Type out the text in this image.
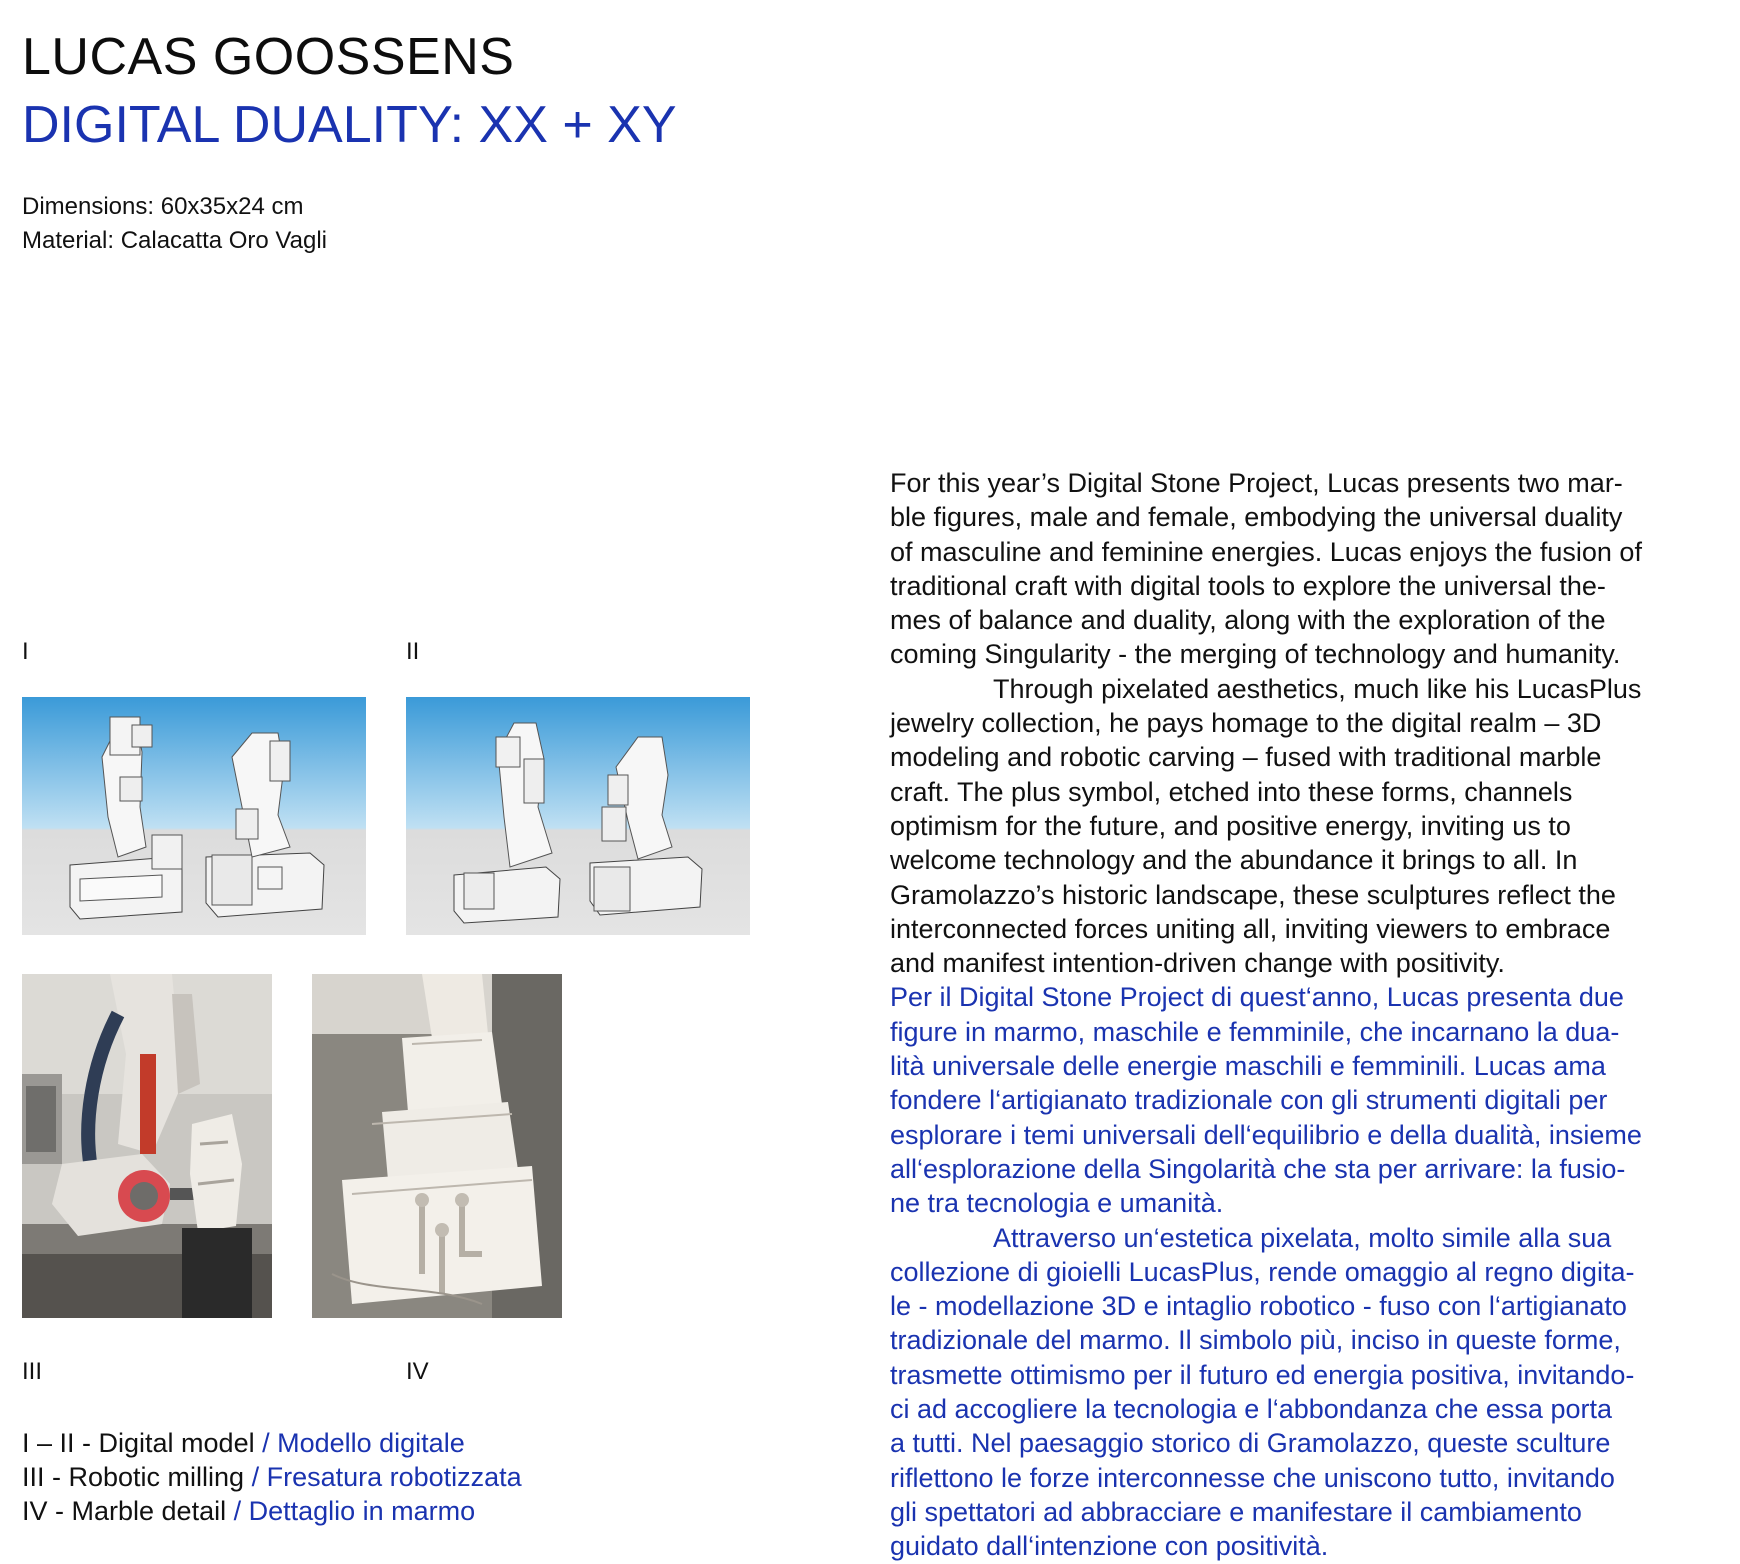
LUCAS GOOSSENS
DIGITAL DUALITY: XX + XY
Dimensions: 60x35x24 cm
Material: Calacatta Oro Vagli
I	II
III	IV
I – II - Digital model / Modello digitale
III - Robotic milling / Fresatura robotizzata
IV - Marble detail / Dettaglio in marmo
For this year’s Digital Stone Project, Lucas presents two mar-
ble figures, male and female, embodying the universal duality
of masculine and feminine energies. Lucas enjoys the fusion of
traditional craft with digital tools to explore the universal the-
mes of balance and duality, along with the exploration of the
coming Singularity - the merging of technology and humanity.
Through pixelated aesthetics, much like his LucasPlus
jewelry collection, he pays homage to the digital realm – 3D
modeling and robotic carving – fused with traditional marble
craft. The plus symbol, etched into these forms, channels
optimism for the future, and positive energy, inviting us to
welcome technology and the abundance it brings to all. In
Gramolazzo’s historic landscape, these sculptures reflect the
interconnected forces uniting all, inviting viewers to embrace
and manifest intention-driven change with positivity.
Per il Digital Stone Project di quest‘anno, Lucas presenta due
figure in marmo, maschile e femminile, che incarnano la dua-
lità universale delle energie maschili e femminili. Lucas ama
fondere l‘artigianato tradizionale con gli strumenti digitali per
esplorare i temi universali dell‘equilibrio e della dualità, insieme
all‘esplorazione della Singolarità che sta per arrivare: la fusio-
ne tra tecnologia e umanità.
Attraverso un‘estetica pixelata, molto simile alla sua
collezione di gioielli LucasPlus, rende omaggio al regno digita-
le - modellazione 3D e intaglio robotico - fuso con l‘artigianato
tradizionale del marmo. Il simbolo più, inciso in queste forme,
trasmette ottimismo per il futuro ed energia positiva, invitando-
ci ad accogliere la tecnologia e l‘abbondanza che essa porta
a tutti. Nel paesaggio storico di Gramolazzo, queste sculture
riflettono le forze interconnesse che uniscono tutto, invitando
gli spettatori ad abbracciare e manifestare il cambiamento
guidato dall‘intenzione con positività.
